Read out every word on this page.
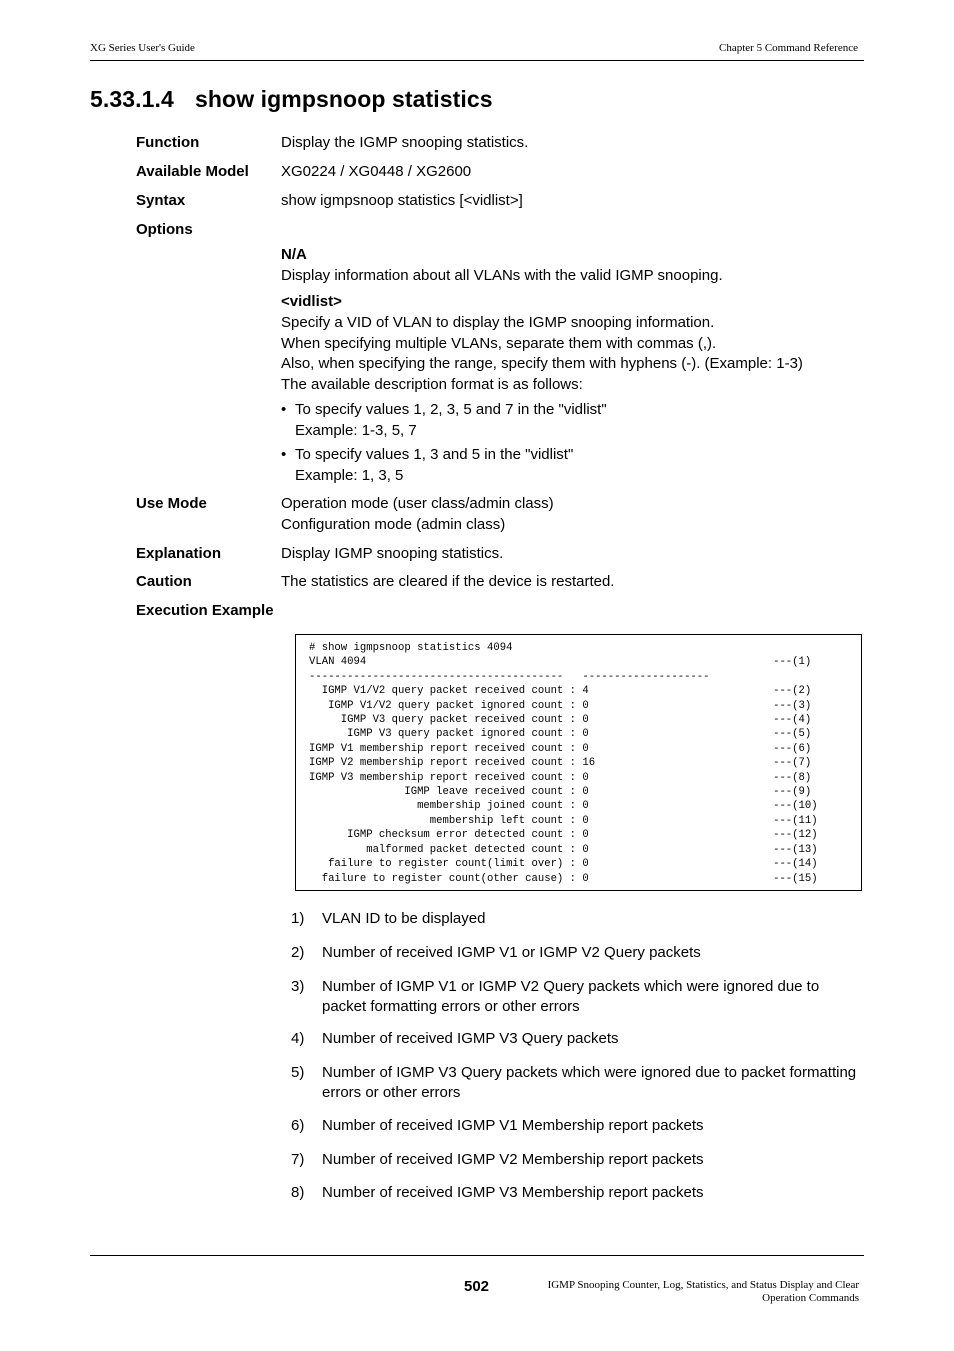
XG Series User's Guide	Chapter 5 Command Reference
5.33.1.4 show igmpsnoop statistics
Function	Display the IGMP snooping statistics.
Available Model XG0224 / XG0448 / XG2600
Syntax	show igmpsnoop statistics [<vidlist>]
Options
N/A
Display information about all VLANs with the valid IGMP snooping.
<vidlist>
Specify a VID of VLAN to display the IGMP snooping information.
When specifying multiple VLANs, separate them with commas (,).
Also, when specifying the range, specify them with hyphens (-). (Example: 1-3)
The available description format is as follows:
• To specify values 1, 2, 3, 5 and 7 in the "vidlist"
Example: 1-3, 5, 7
• To specify values 1, 3 and 5 in the "vidlist"
Example: 1, 3, 5
Use Mode	Operation mode (user class/admin class)
Configuration mode (admin class)
Explanation	Display IGMP snooping statistics.
Caution	The statistics are cleared if the device is restarted.
Execution Example
# show igmpsnoop statistics 4094
VLAN 4094                                                                ---(1)
----------------------------------------   --------------------
IGMP V1/V2 query packet received count : 4                             ---(2)
IGMP V1/V2 query packet ignored count : 0                             ---(3)
IGMP V3 query packet received count : 0                             ---(4)
IGMP V3 query packet ignored count : 0                             ---(5)
IGMP V1 membership report received count : 0                             ---(6)
IGMP V2 membership report received count : 16                            ---(7)
IGMP V3 membership report received count : 0                             ---(8)
IGMP leave received count : 0                             ---(9)
membership joined count : 0                             ---(10)
membership left count : 0                             ---(11)
IGMP checksum error detected count : 0                             ---(12)
malformed packet detected count : 0                             ---(13)
failure to register count(limit over) : 0                             ---(14)
failure to register count(other cause) : 0                             ---(15)
1) VLAN ID to be displayed
2) Number of received IGMP V1 or IGMP V2 Query packets
3) Number of IGMP V1 or IGMP V2 Query packets which were ignored due to packet formatting errors or other errors
4) Number of received IGMP V3 Query packets
5) Number of IGMP V3 Query packets which were ignored due to packet formatting errors or other errors
6) Number of received IGMP V1 Membership report packets
7) Number of received IGMP V2 Membership report packets
8) Number of received IGMP V3 Membership report packets
502	IGMP Snooping Counter, Log, Statistics, and Status Display and Clear
Operation Commands
